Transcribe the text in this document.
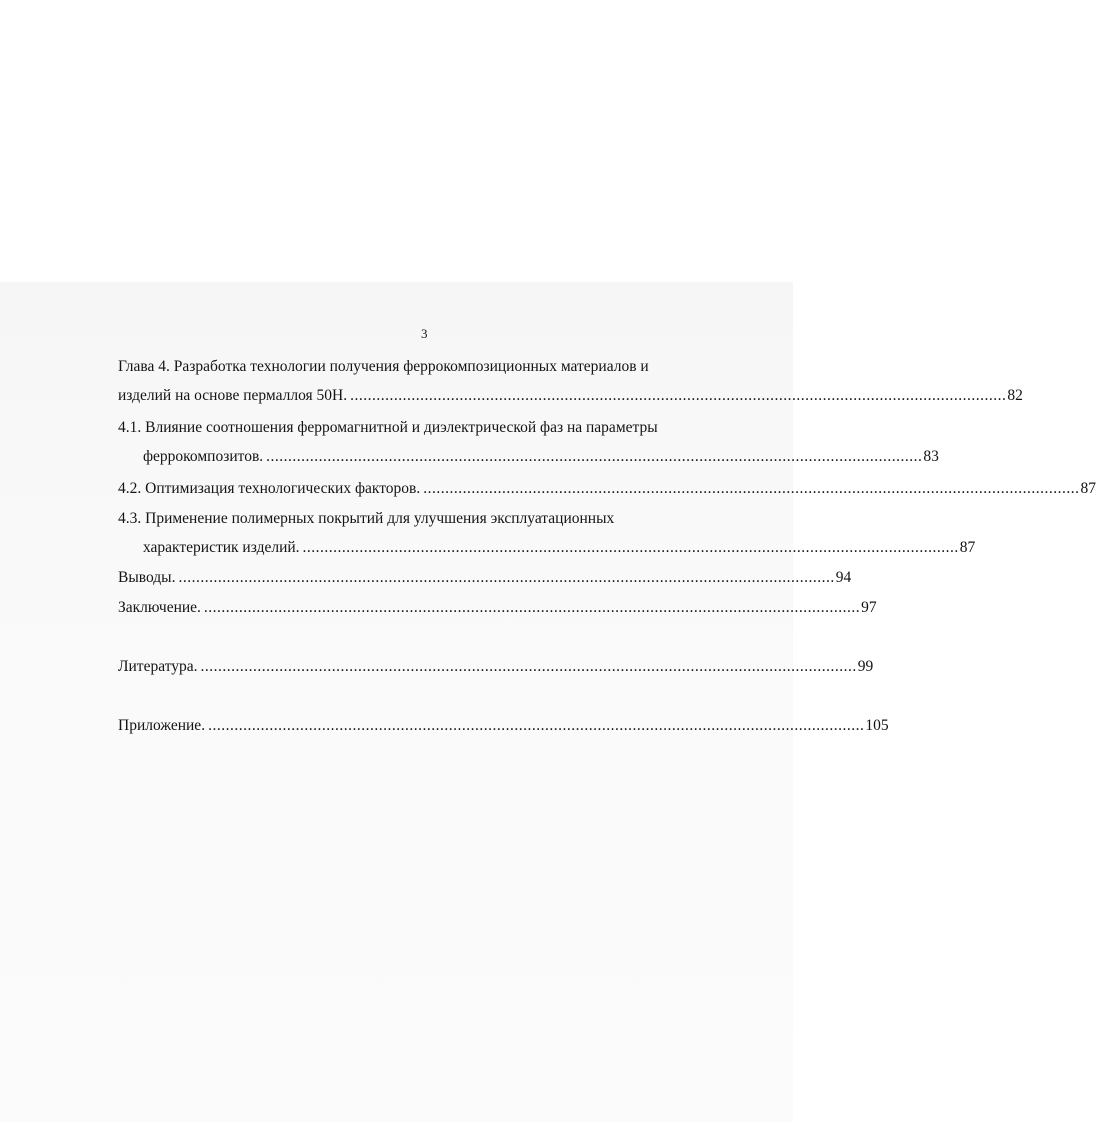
3
Глава 4. Разработка технологии получения феррокомпозиционных материалов и
изделий на основе пермаллоя 50Н. ...................................................................................................................................................... 82
4.1. Влияние соотношения ферромагнитной и диэлектрической фаз на параметры
феррокомпозитов. ...................................................................................................................................................... 83
4.2. Оптимизация технологических факторов. ...................................................................................................................................................... 87
4.3. Применение полимерных покрытий для улучшения эксплуатационных
характеристик изделий. ...................................................................................................................................................... 87
Выводы. ...................................................................................................................................................... 94
Заключение. ...................................................................................................................................................... 97
Литература. ...................................................................................................................................................... 99
Приложение. ...................................................................................................................................................... 105
